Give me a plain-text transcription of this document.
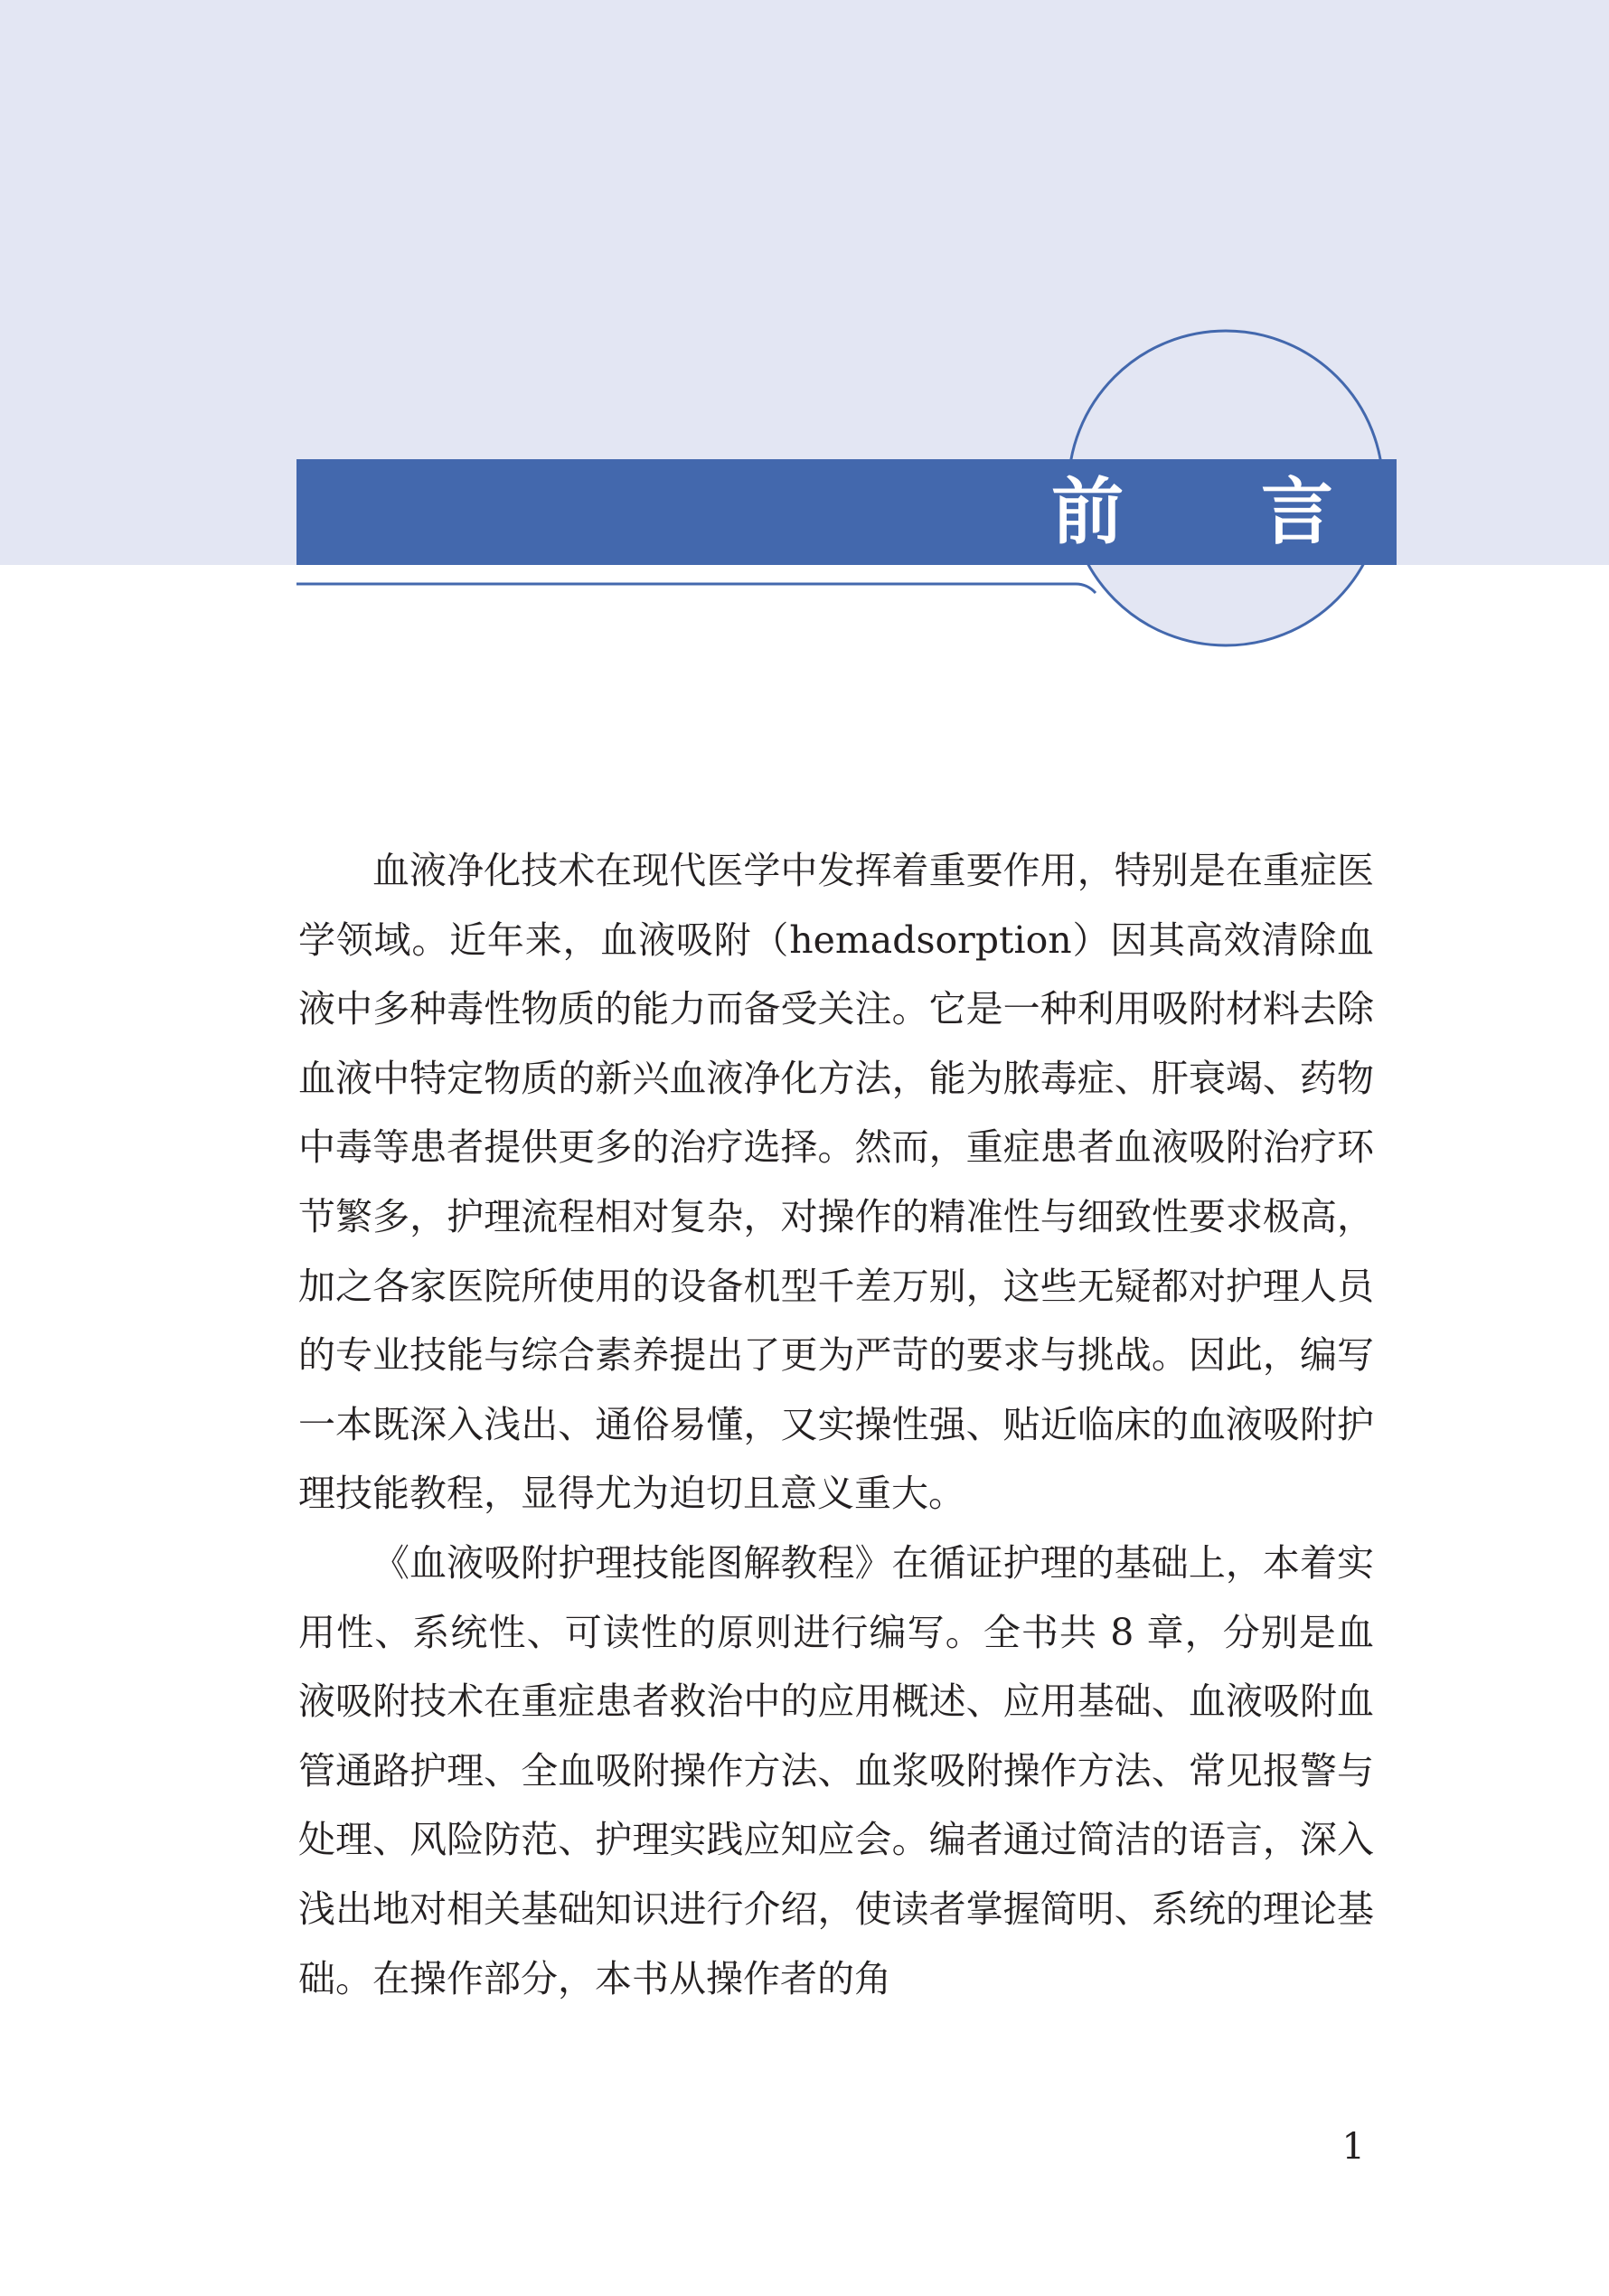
前 言

血液净化技术在现代医学中发挥着重要作用，特别是在重症医学领域。近年来，血液吸附（hemadsorption）因其高效清除血液中多种毒性物质的能力而备受关注。它是一种利用吸附材料去除血液中特定物质的新兴血液净化方法，能为脓毒症、肝衰竭、药物中毒等患者提供更多的治疗选择。然而，重症患者血液吸附治疗环节繁多，护理流程相对复杂，对操作的精准性与细致性要求极高，加之各家医院所使用的设备机型千差万别，这些无疑都对护理人员的专业技能与综合素养提出了更为严苛的要求与挑战。因此，编写一本既深入浅出、通俗易懂，又实操性强、贴近临床的血液吸附护理技能教程，显得尤为迫切且意义重大。

《血液吸附护理技能图解教程》在循证护理的基础上，本着实用性、系统性、可读性的原则进行编写。全书共 8 章，分别是血液吸附技术在重症患者救治中的应用概述、应用基础、血液吸附血管通路护理、全血吸附操作方法、血浆吸附操作方法、常见报警与处理、风险防范、护理实践应知应会。编者通过简洁的语言，深入浅出地对相关基础知识进行介绍，使读者掌握简明、系统的理论基础。在操作部分，本书从操作者的角

1
